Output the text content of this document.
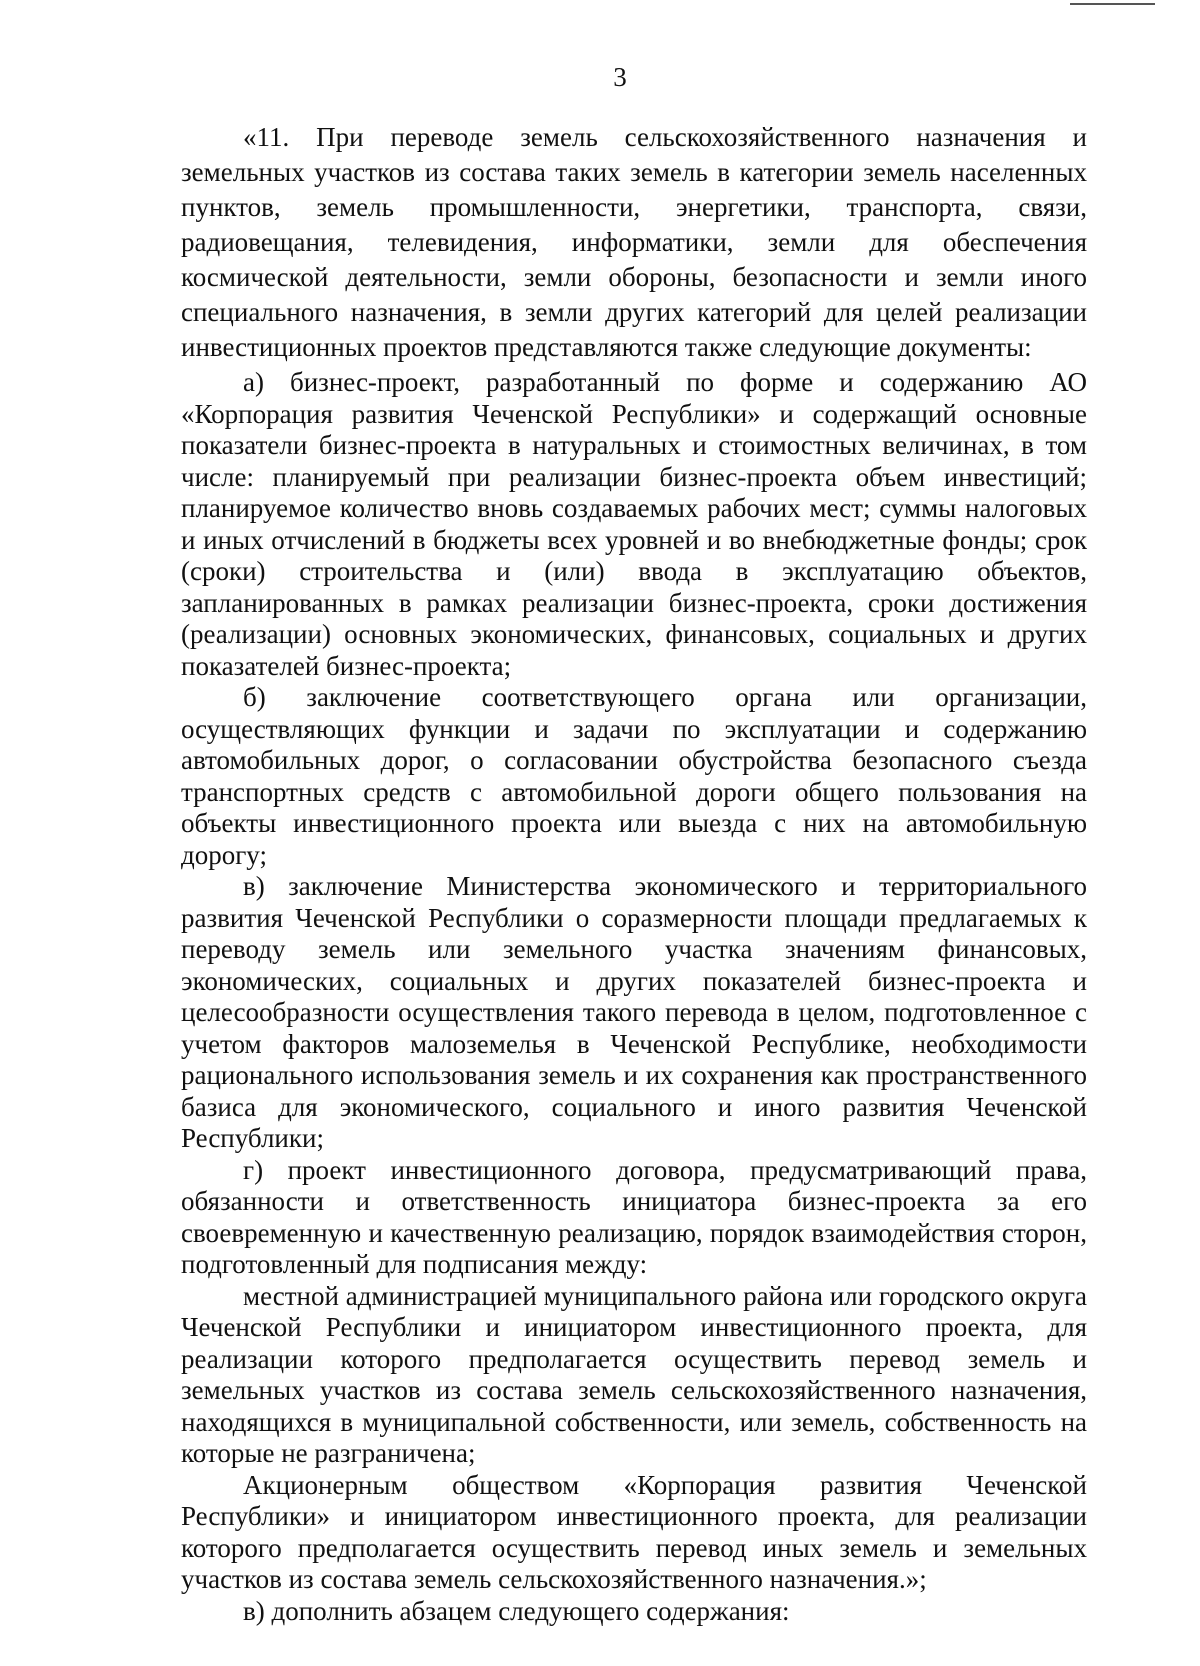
3

«11. При переводе земель сельскохозяйственного назначения и земельных участков из состава таких земель в категории земель населенных пунктов, земель промышленности, энергетики, транспорта, связи, радиовещания, телевидения, информатики, земли для обеспечения космической деятельности, земли обороны, безопасности и земли иного специального назначения, в земли других категорий для целей реализации инвестиционных проектов представляются также следующие документы:

а) бизнес-проект, разработанный по форме и содержанию АО «Корпорация развития Чеченской Республики» и содержащий основные показатели бизнес-проекта в натуральных и стоимостных величинах, в том числе: планируемый при реализации бизнес-проекта объем инвестиций; планируемое количество вновь создаваемых рабочих мест; суммы налоговых и иных отчислений в бюджеты всех уровней и во внебюджетные фонды; срок (сроки) строительства и (или) ввода в эксплуатацию объектов, запланированных в рамках реализации бизнес-проекта, сроки достижения (реализации) основных экономических, финансовых, социальных и других показателей бизнес-проекта;

б) заключение соответствующего органа или организации, осуществляющих функции и задачи по эксплуатации и содержанию автомобильных дорог, о согласовании обустройства безопасного съезда транспортных средств с автомобильной дороги общего пользования на объекты инвестиционного проекта или выезда с них на автомобильную дорогу;

в) заключение Министерства экономического и территориального развития Чеченской Республики о соразмерности площади предлагаемых к переводу земель или земельного участка значениям финансовых, экономических, социальных и других показателей бизнес-проекта и целесообразности осуществления такого перевода в целом, подготовленное с учетом факторов малоземелья в Чеченской Республике, необходимости рационального использования земель и их сохранения как пространственного базиса для экономического, социального и иного развития Чеченской Республики;

г) проект инвестиционного договора, предусматривающий права, обязанности и ответственность инициатора бизнес-проекта за его своевременную и качественную реализацию, порядок взаимодействия сторон, подготовленный для подписания между:

местной администрацией муниципального района или городского округа Чеченской Республики и инициатором инвестиционного проекта, для реализации которого предполагается осуществить перевод земель и земельных участков из состава земель сельскохозяйственного назначения, находящихся в муниципальной собственности, или земель, собственность на которые не разграничена;

Акционерным обществом «Корпорация развития Чеченской Республики» и инициатором инвестиционного проекта, для реализации которого предполагается осуществить перевод иных земель и земельных участков из состава земель сельскохозяйственного назначения.»;

в) дополнить абзацем следующего содержания:
